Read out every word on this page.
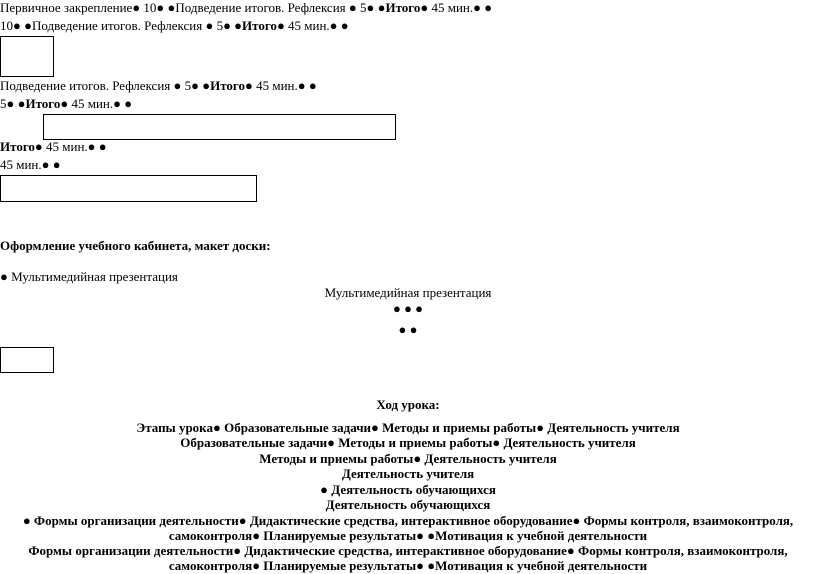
Первичное закрепление● 10● ●Подведение итогов. Рефлексия ● 5● ●Итого● 45 мин.● ●
10● ●Подведение итогов. Рефлексия ● 5● ●Итого● 45 мин.● ●
Подведение итогов. Рефлексия ● 5● ●Итого● 45 мин.● ●
5● ●Итого● 45 мин.● ●
Итого● 45 мин.● ●
45 мин.● ●
Оформление учебного кабинета, макет доски:
● Мультимедийная презентация
Мультимедийная презентация
● ● ●
● ●
Ход урока:
Этапы урока● Образовательные задачи● Методы и приемы работы● Деятельность учителя
Образовательные задачи● Методы и приемы работы● Деятельность учителя
Методы и приемы работы● Деятельность учителя
Деятельность учителя
● Деятельность обучающихся
Деятельность обучающихся
● Формы организации деятельности● Дидактические средства, интерактивное оборудование● Формы контроля, взаимоконтроля,
самоконтроля● Планируемые результаты● ●Мотивация к учебной деятельности
Формы организации деятельности● Дидактические средства, интерактивное оборудование● Формы контроля, взаимоконтроля,
самоконтроля● Планируемые результаты● ●Мотивация к учебной деятельности
